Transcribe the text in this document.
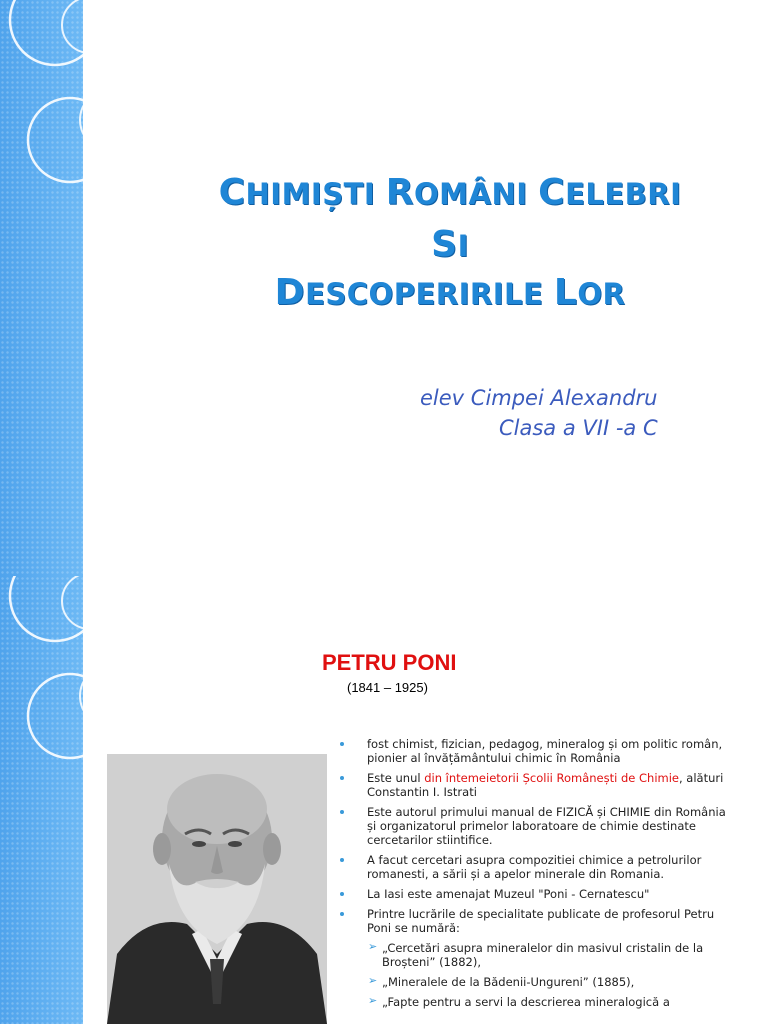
CHIMIȘTI ROMÂNI CELEBRI
SI
DESCOPERIRILE LOR
elev Cimpei Alexandru
Clasa a VII -a C
PETRU PONI
(1841 – 1925)
fost chimist, fizician, pedagog, mineralog și om politic român, pionier al învățământului chimic în România
Este unul din întemeietorii Școlii Românești de Chimie, alături Constantin I. Istrati
Este autorul primului manual de FIZICĂ și CHIMIE din România și organizatorul primelor laboratoare de chimie destinate cercetarilor stiintifice.
A facut cercetari asupra compozitiei chimice a petrolurilor romanesti, a sării și a apelor minerale din Romania.
La Iasi este amenajat Muzeul "Poni - Cernatescu"
Printre lucrările de specialitate publicate de profesorul Petru Poni se numără:
➢ „Cercetări asupra mineralelor din masivul cristalin de la Broșteni” (1882),
➢ „Mineralele de la Bădenii-Ungureni” (1885),
➢ „Fapte pentru a servi la descrierea mineralogică a
